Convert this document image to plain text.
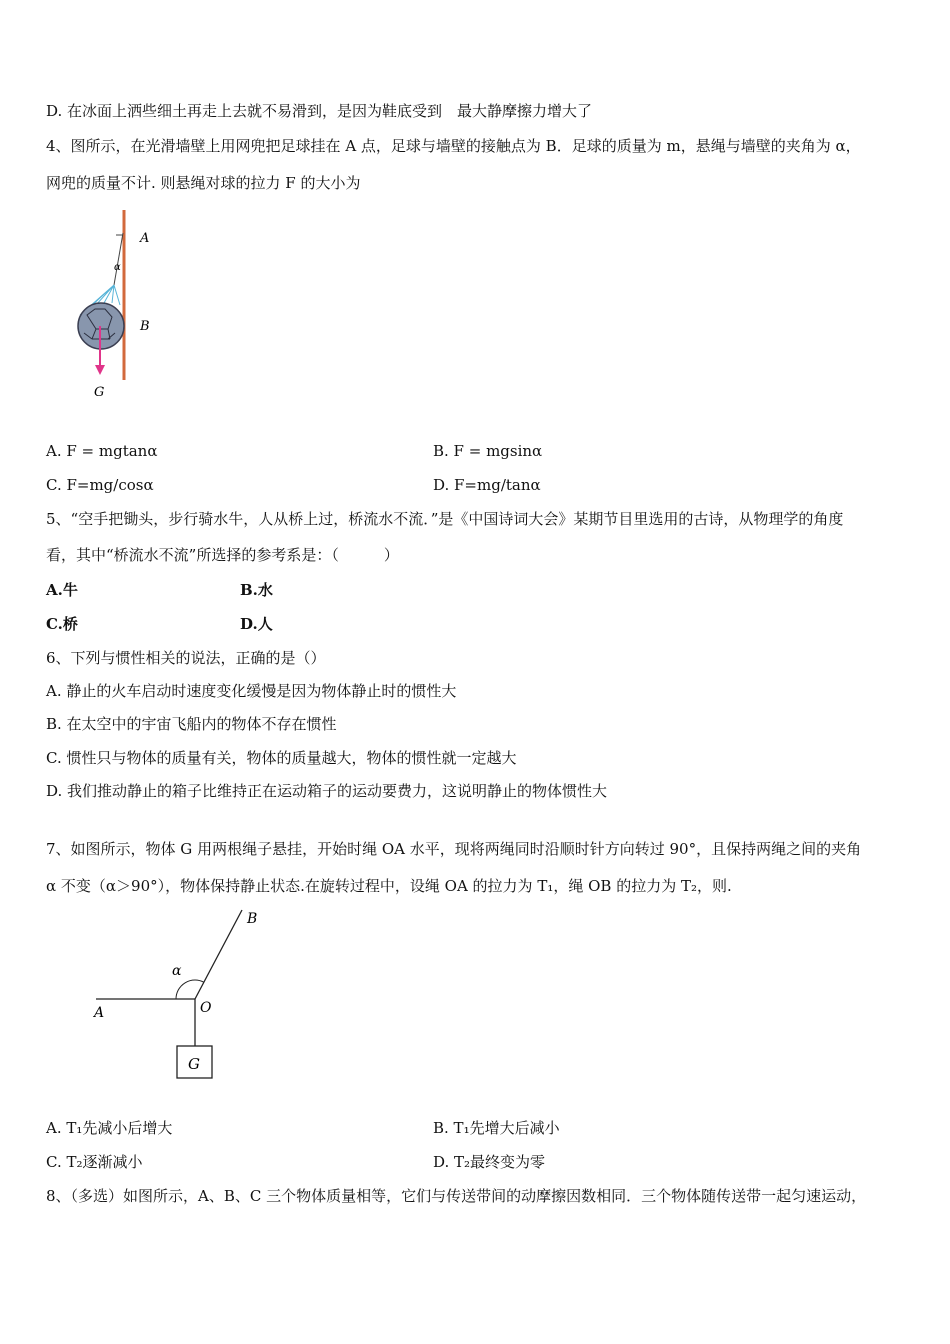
D. 在冰面上洒些细土再走上去就不易滑到，是因为鞋底受到　最大静摩擦力增大了
4、图所示，在光滑墙壁上用网兜把足球挂在 A 点，足球与墙壁的接触点为 B．足球的质量为 m，悬绳与墙壁的夹角为 α，
网兜的质量不计. 则悬绳对球的拉力 F 的大小为
A
B
α
G
A. F = mgtanα	B. F = mgsinα
C. F=mg/cosα	D. F=mg/tanα
5、“空手把锄头，步行骑水牛，人从桥上过，桥流水不流．”是《中国诗词大会》某期节目里选用的古诗，从物理学的角度
看，其中“桥流水不流”所选择的参考系是：（　　　）
A.牛	B.水
C.桥	D.人
6、下列与惯性相关的说法，正确的是（）
A. 静止的火车启动时速度变化缓慢是因为物体静止时的惯性大
B. 在太空中的宇宙飞船内的物体不存在惯性
C. 惯性只与物体的质量有关，物体的质量越大，物体的惯性就一定越大
D. 我们推动静止的箱子比维持正在运动箱子的运动要费力，这说明静止的物体惯性大
7、如图所示，物体 G 用两根绳子悬挂，开始时绳 OA 水平，现将两绳同时沿顺时针方向转过 90°，且保持两绳之间的夹角
α 不变（α＞90°），物体保持静止状态.在旋转过程中，设绳 OA 的拉力为 T₁，绳 OB 的拉力为 T₂，则.
G
A
B
O
α
A. T₁先减小后增大	B. T₁先增大后减小
C. T₂逐渐减小	D. T₂最终变为零
8、（多选）如图所示，A、B、C 三个物体质量相等，它们与传送带间的动摩擦因数相同．三个物体随传送带一起匀速运动，
